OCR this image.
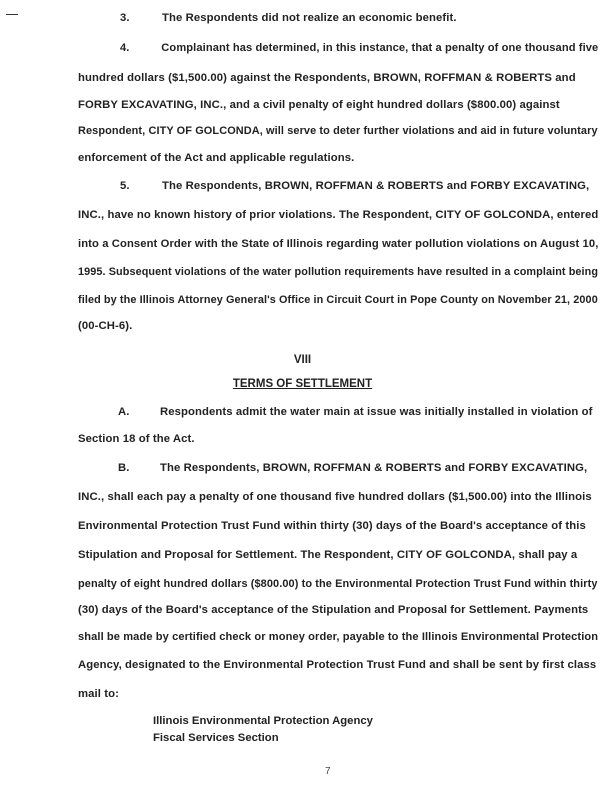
3.	The Respondents did not realize an economic benefit.
4.	Complainant has determined, in this instance, that a penalty of one thousand five
hundred dollars ($1,500.00) against the Respondents, BROWN, ROFFMAN & ROBERTS and
FORBY EXCAVATING, INC., and a civil penalty of eight hundred dollars ($800.00) against
Respondent, CITY OF GOLCONDA, will serve to deter further violations and aid in future voluntary
enforcement of the Act and applicable regulations.
5.	The Respondents, BROWN, ROFFMAN & ROBERTS and FORBY EXCAVATING,
INC., have no known history of prior violations. The Respondent, CITY OF GOLCONDA, entered
into a Consent Order with the State of Illinois regarding water pollution violations on August 10,
1995. Subsequent violations of the water pollution requirements have resulted in a complaint being
filed by the Illinois Attorney General's Office in Circuit Court in Pope County on November 21, 2000
(00-CH-6).
VIII
TERMS OF SETTLEMENT
A.	Respondents admit the water main at issue was initially installed in violation of
Section 18 of the Act.
B.	The Respondents, BROWN, ROFFMAN & ROBERTS and FORBY EXCAVATING,
INC., shall each pay a penalty of one thousand five hundred dollars ($1,500.00) into the Illinois
Environmental Protection Trust Fund within thirty (30) days of the Board's acceptance of this
Stipulation and Proposal for Settlement. The Respondent, CITY OF GOLCONDA, shall pay a
penalty of eight hundred dollars ($800.00) to the Environmental Protection Trust Fund within thirty
(30) days of the Board's acceptance of the Stipulation and Proposal for Settlement. Payments
shall be made by certified check or money order, payable to the Illinois Environmental Protection
Agency, designated to the Environmental Protection Trust Fund and shall be sent by first class
mail to:
Illinois Environmental Protection Agency
Fiscal Services Section
7
